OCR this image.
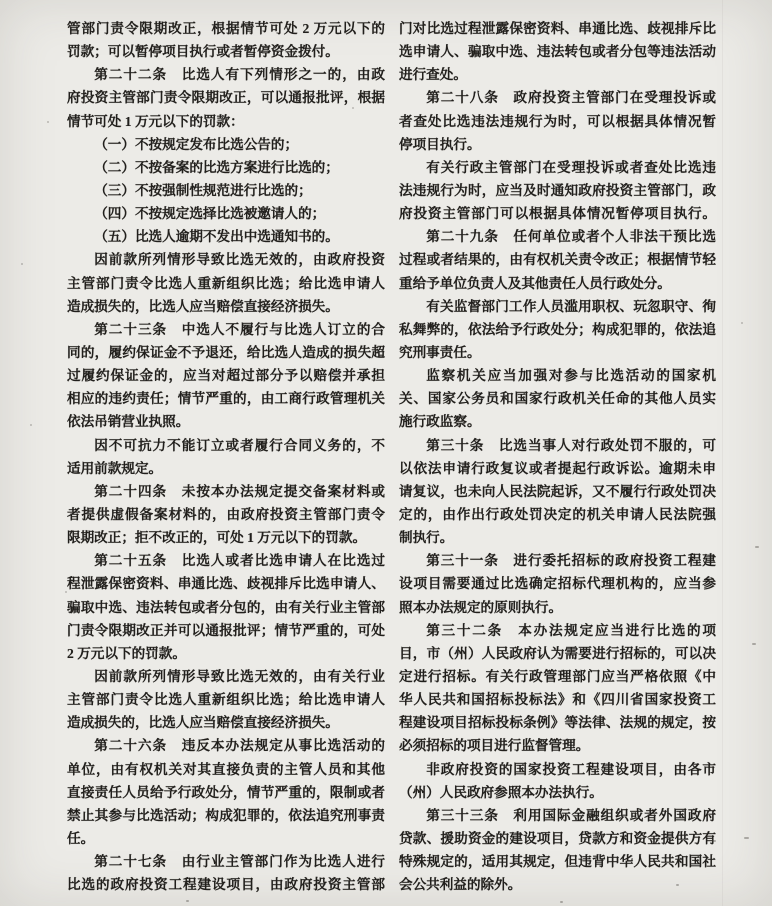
管部门责令限期改正，根据情节可处 2 万元以下的
罚款；可以暂停项目执行或者暂停资金拨付。
第二十二条　比选人有下列情形之一的，由政
府投资主管部门责令限期改正，可以通报批评，根据
情节可处 1 万元以下的罚款：
（一）不按规定发布比选公告的；
（二）不按备案的比选方案进行比选的；
（三）不按强制性规范进行比选的；
（四）不按规定选择比选被邀请人的；
（五）比选人逾期不发出中选通知书的。
因前款所列情形导致比选无效的，由政府投资
主管部门责令比选人重新组织比选；给比选申请人
造成损失的，比选人应当赔偿直接经济损失。
第二十三条　中选人不履行与比选人订立的合
同的，履约保证金不予退还，给比选人造成的损失超
过履约保证金的，应当对超过部分予以赔偿并承担
相应的违约责任；情节严重的，由工商行政管理机关
依法吊销营业执照。
因不可抗力不能订立或者履行合同义务的，不
适用前款规定。
第二十四条　未按本办法规定提交备案材料或
者提供虚假备案材料的，由政府投资主管部门责令
限期改正；拒不改正的，可处 1 万元以下的罚款。
第二十五条　比选人或者比选申请人在比选过
程泄露保密资料、串通比选、歧视排斥比选申请人、
骗取中选、违法转包或者分包的，由有关行业主管部
门责令限期改正并可以通报批评；情节严重的，可处
2 万元以下的罚款。
因前款所列情形导致比选无效的，由有关行业
主管部门责令比选人重新组织比选；给比选申请人
造成损失的，比选人应当赔偿直接经济损失。
第二十六条　违反本办法规定从事比选活动的
单位，由有权机关对其直接负责的主管人员和其他
直接责任人员给予行政处分，情节严重的，限制或者
禁止其参与比选活动；构成犯罪的，依法追究刑事责
任。
第二十七条　由行业主管部门作为比选人进行
比选的政府投资工程建设项目，由政府投资主管部
门对比选过程泄露保密资料、串通比选、歧视排斥比
选申请人、骗取中选、违法转包或者分包等违法活动
进行查处。
第二十八条　政府投资主管部门在受理投诉或
者查处比选违法违规行为时，可以根据具体情况暂
停项目执行。
有关行政主管部门在受理投诉或者查处比选违
法违规行为时，应当及时通知政府投资主管部门，政
府投资主管部门可以根据具体情况暂停项目执行。
第二十九条　任何单位或者个人非法干预比选
过程或者结果的，由有权机关责令改正；根据情节轻
重给予单位负责人及其他责任人员行政处分。
有关监督部门工作人员滥用职权、玩忽职守、徇
私舞弊的，依法给予行政处分；构成犯罪的，依法追
究刑事责任。
监察机关应当加强对参与比选活动的国家机
关、国家公务员和国家行政机关任命的其他人员实
施行政监察。
第三十条　比选当事人对行政处罚不服的，可
以依法申请行政复议或者提起行政诉讼。逾期未申
请复议，也未向人民法院起诉，又不履行行政处罚决
定的，由作出行政处罚决定的机关申请人民法院强
制执行。
第三十一条　进行委托招标的政府投资工程建
设项目需要通过比选确定招标代理机构的，应当参
照本办法规定的原则执行。
第三十二条　本办法规定应当进行比选的项
目，市（州）人民政府认为需要进行招标的，可以决
定进行招标。有关行政管理部门应当严格依照《中
华人民共和国招标投标法》和《四川省国家投资工
程建设项目招标投标条例》等法律、法规的规定，按
必须招标的项目进行监督管理。
非政府投资的国家投资工程建设项目，由各市
（州）人民政府参照本办法执行。
第三十三条　利用国际金融组织或者外国政府
贷款、援助资金的建设项目，贷款方和资金提供方有
特殊规定的，适用其规定，但违背中华人民共和国社
会公共利益的除外。
